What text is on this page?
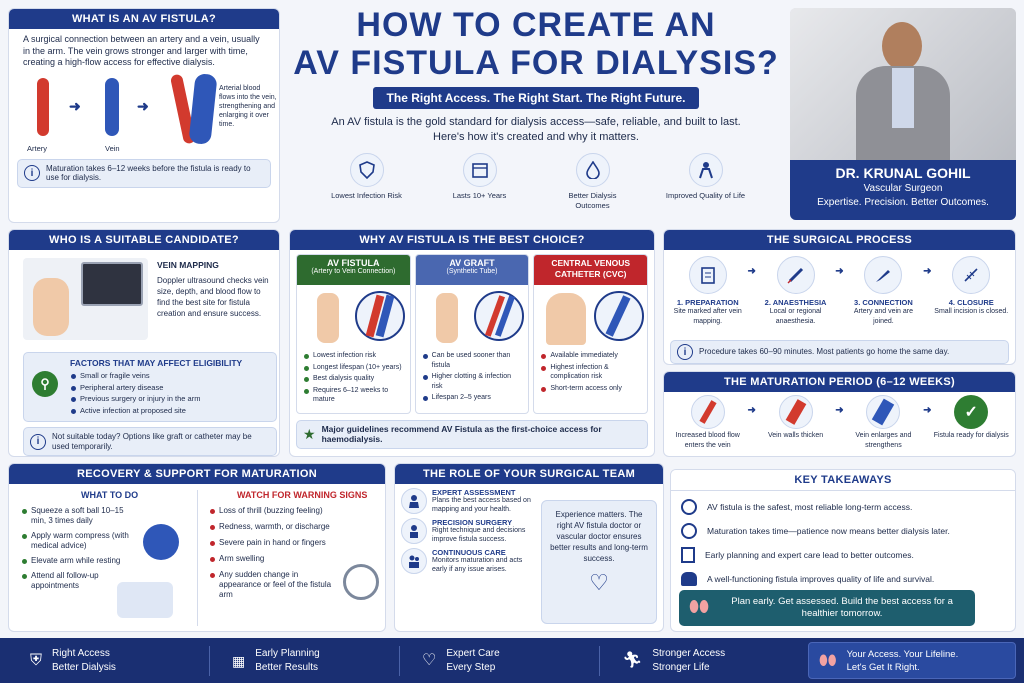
WHAT IS AN AV FISTULA?
A surgical connection between an artery and a vein, usually in the arm. The vein grows stronger and larger with time, creating a high-flow access for effective dialysis.
➜	➜
Artery	Vein
Arterial blood flows into the vein, strengthening and enlarging it over time.
i	Maturation takes 6–12 weeks before the fistula is ready to use for dialysis.
HOW TO CREATE AN
AV FISTULA FOR DIALYSIS?
The Right Access. The Right Start. The Right Future.
An AV fistula is the gold standard for dialysis access—safe, reliable, and built to last. Here's how it's created and why it matters.
Lowest Infection Risk	Lasts 10+ Years	Better Dialysis Outcomes
Improved Quality of Life
DR. KRUNAL GOHIL
Vascular Surgeon
Expertise. Precision. Better Outcomes.
WHO IS A SUITABLE CANDIDATE?
VEIN MAPPING
Doppler ultrasound checks vein size, depth, and blood flow to find the best site for fistula creation and ensure success.
FACTORS THAT MAY AFFECT ELIGIBILITY
Small or fragile veins
Peripheral artery disease
Previous surgery or injury in the arm
Active infection at proposed site
i	Not suitable today? Options like graft or catheter may be used temporarily.
WHY AV FISTULA IS THE BEST CHOICE?
AV FISTULA
(Artery to Vein Connection)
Lowest infection risk
Longest lifespan (10+ years)
Best dialysis quality
Requires 6–12 weeks to mature
AV GRAFT
(Synthetic Tube)
Can be used sooner than fistula
Higher clotting & infection risk
Lifespan 2–5 years
CENTRAL VENOUS CATHETER (CVC)
Available immediately
Highest infection & complication risk
Short-term access only
★ Major guidelines recommend AV Fistula as the first-choice access for haemodialysis.
THE SURGICAL PROCESS
1. PREPARATION
Site marked after vein mapping.
➜
2. ANAESTHESIA
Local or regional anaesthesia.
➜
3. CONNECTION
Artery and vein are joined.
➜
4. CLOSURE
Small incision is closed.
i	Procedure takes 60–90 minutes. Most patients go home the same day.
THE MATURATION PERIOD (6–12 WEEKS)
Increased blood flow enters the vein
➜
Vein walls thicken
➜
Vein enlarges and strengthens
➜	✓
Fistula ready for dialysis
RECOVERY & SUPPORT FOR MATURATION
WHAT TO DO
Squeeze a soft ball 10–15 min, 3 times daily
Apply warm compress (with medical advice)
Elevate arm while resting
Attend all follow-up appointments
WATCH FOR WARNING SIGNS
Loss of thrill (buzzing feeling)
Redness, warmth, or discharge
Severe pain in hand or fingers
Arm swelling
Any sudden change in appearance or feel of the fistula arm
THE ROLE OF YOUR SURGICAL TEAM
EXPERT ASSESSMENT
Plans the best access based on mapping and your health.
PRECISION SURGERY
Right technique and decisions improve fistula success.
CONTINUOUS CARE
Monitors maturation and acts early if any issue arises.
Experience matters. The right AV fistula doctor or vascular doctor ensures better results and long-term success.
♡
KEY TAKEAWAYS
AV fistula is the safest, most reliable long-term access.
Maturation takes time—patience now means better dialysis later.
Early planning and expert care lead to better outcomes.
A well-functioning fistula improves quality of life and survival.
⬮⬮	Plan early. Get assessed. Build the best access for a healthier tomorrow.
⛨ Right Access
Better Dialysis	▦ Early Planning
Better Results	♡ Expert Care
Every Step	🏃︎ Stronger Access
Stronger Life	⬮⬮ Your Access. Your Lifeline.
Let's Get It Right.
